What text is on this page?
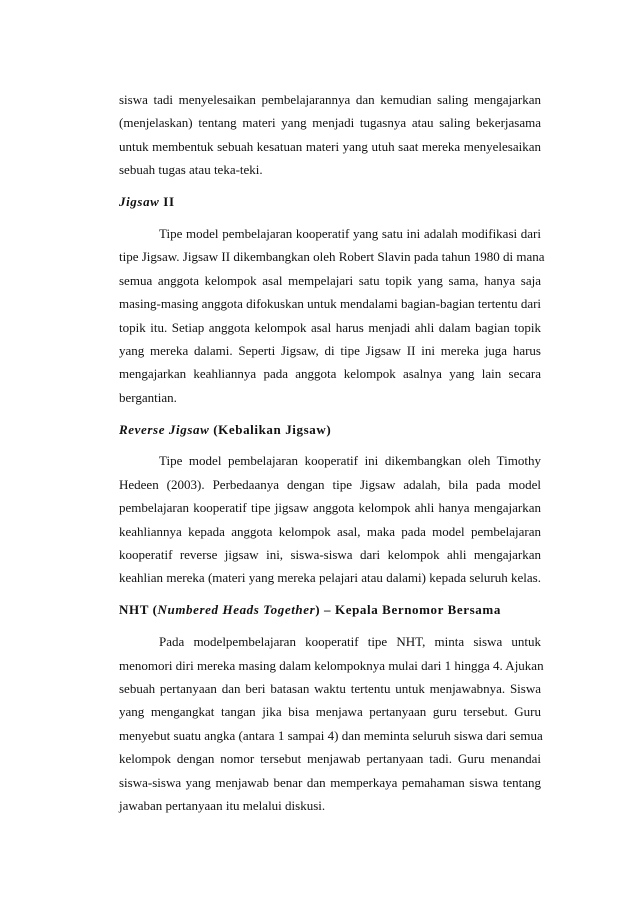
siswa tadi menyelesaikan pembelajarannya dan kemudian saling mengajarkan
(menjelaskan) tentang materi yang menjadi tugasnya atau saling bekerjasama
untuk membentuk sebuah kesatuan materi yang utuh saat mereka menyelesaikan
sebuah tugas atau teka-teki.
Jigsaw II
Tipe model pembelajaran kooperatif yang satu ini adalah modifikasi dari
tipe Jigsaw. Jigsaw II dikembangkan oleh Robert Slavin pada tahun 1980 di mana
semua anggota kelompok asal mempelajari satu topik yang sama, hanya saja
masing-masing anggota difokuskan untuk mendalami bagian-bagian tertentu dari
topik itu. Setiap anggota kelompok asal harus menjadi ahli dalam bagian topik
yang mereka dalami. Seperti Jigsaw, di tipe Jigsaw II ini mereka juga harus
mengajarkan keahliannya pada anggota kelompok asalnya yang lain secara
bergantian.
Reverse Jigsaw (Kebalikan Jigsaw)
Tipe model pembelajaran kooperatif ini dikembangkan oleh Timothy
Hedeen (2003). Perbedaanya dengan tipe Jigsaw adalah, bila pada model
pembelajaran kooperatif tipe jigsaw anggota kelompok ahli hanya mengajarkan
keahliannya kepada anggota kelompok asal, maka pada model pembelajaran
kooperatif reverse jigsaw ini, siswa-siswa dari kelompok ahli mengajarkan
keahlian mereka (materi yang mereka pelajari atau dalami) kepada seluruh kelas.
NHT (Numbered Heads Together) – Kepala Bernomor Bersama
Pada modelpembelajaran kooperatif tipe NHT, minta siswa untuk
menomori diri mereka masing dalam kelompoknya mulai dari 1 hingga 4. Ajukan
sebuah pertanyaan dan beri batasan waktu tertentu untuk menjawabnya. Siswa
yang mengangkat tangan jika bisa menjawa pertanyaan guru tersebut. Guru
menyebut suatu angka (antara 1 sampai 4) dan meminta seluruh siswa dari semua
kelompok dengan nomor tersebut menjawab pertanyaan tadi. Guru menandai
siswa-siswa yang menjawab benar dan memperkaya pemahaman siswa tentang
jawaban pertanyaan itu melalui diskusi.
